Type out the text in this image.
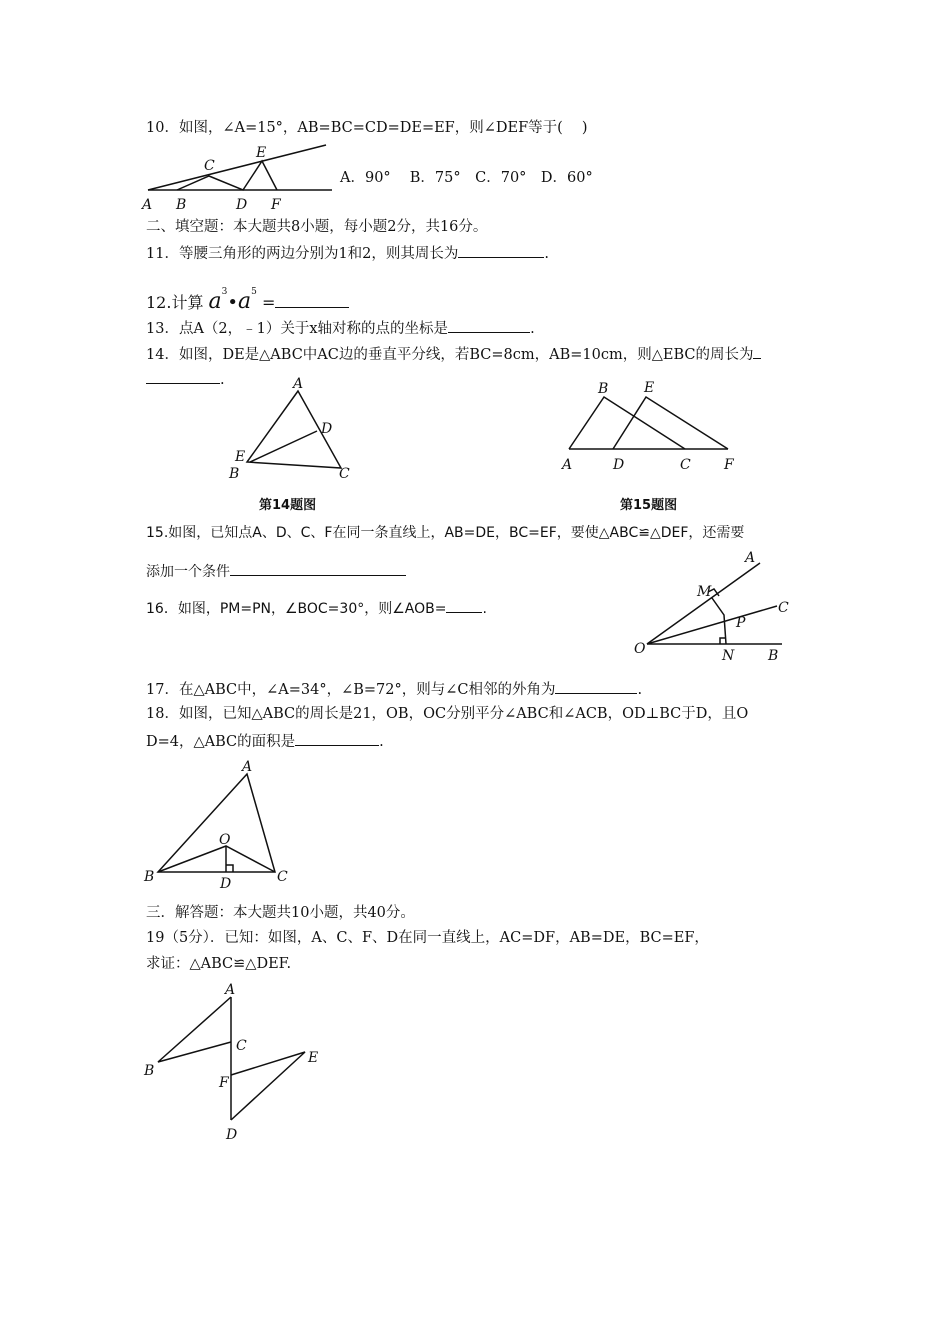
10．如图，∠A=15°，AB=BC=CD=DE=EF，则∠DEF等于(　 )
A B
C
D
E
F
A．90°　 B．75°　C．70°　D．60°
二、填空题：本大题共8小题，每小题2分，共16分。
11．等腰三角形的两边分别为1和2，则其周长为	.
12.计算 $a^3•a^5$ =
13．点A（2，﹣1）关于x轴对称的点的坐标是	.
14．如图，DE是△ABC中AC边的垂直平分线，若BC=8cm，AB=10cm，则△EBC的周长为
.	A
D
E
B	C
第14题图
B	E
A	D	C F
第15题图
15.如图，已知点A、D、C、F在同一条直线上，AB=DE，BC=EF，要使△ABC≌△DEF，还需要
添加一个条件
16．如图，PM=PN，∠BOC=30°，则∠AOB=	.
A
M
C
P
O	N B
17．在△ABC中，∠A=34°，∠B=72°，则与∠C相邻的外角为	.
18．如图，已知△ABC的周长是21，OB，OC分别平分∠ABC和∠ACB，OD⊥BC于D，且O
D=4，△ABC的面积是	.
A
O
B	D	C
三．解答题：本大题共10小题，共40分。
19（5分）．已知：如图，A、C、F、D在同一直线上，AC=DF，AB=DE，BC=EF，
求证：△ABC≌△DEF.
A
C
B
F
E
D
